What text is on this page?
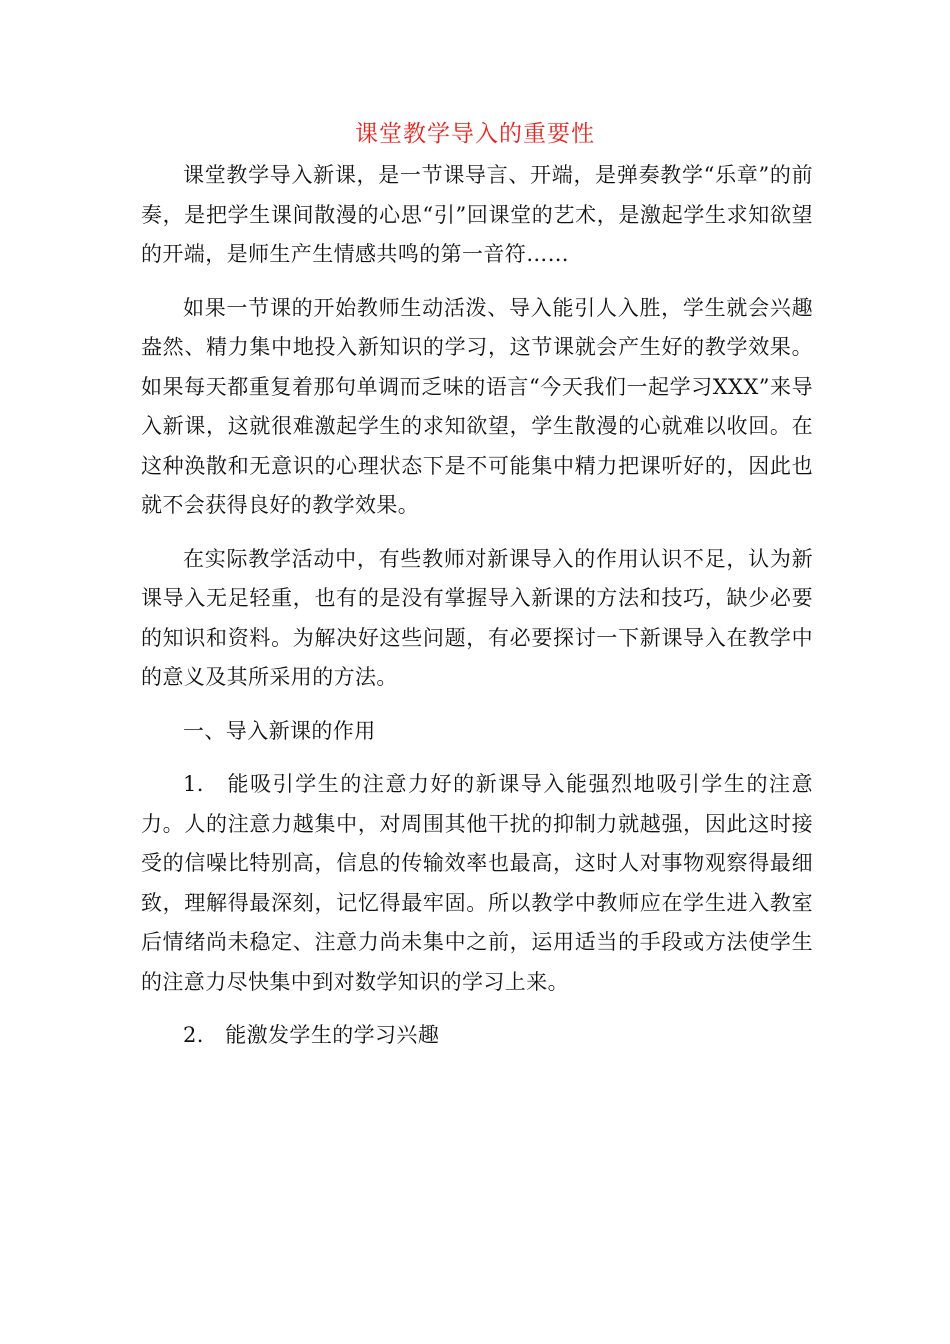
课堂教学导入的重要性

课堂教学导入新课，是一节课导言、开端，是弹奏教学“乐章”的前奏，是把学生课间散漫的心思“引”回课堂的艺术，是激起学生求知欲望的开端，是师生产生情感共鸣的第一音符……

如果一节课的开始教师生动活泼、导入能引人入胜，学生就会兴趣盎然、精力集中地投入新知识的学习，这节课就会产生好的教学效果。如果每天都重复着那句单调而乏味的语言“今天我们一起学习XXX”来导入新课，这就很难激起学生的求知欲望，学生散漫的心就难以收回。在这种涣散和无意识的心理状态下是不可能集中精力把课听好的，因此也就不会获得良好的教学效果。

在实际教学活动中，有些教师对新课导入的作用认识不足，认为新课导入无足轻重，也有的是没有掌握导入新课的方法和技巧，缺少必要的知识和资料。为解决好这些问题，有必要探讨一下新课导入在教学中的意义及其所采用的方法。

一、导入新课的作用

1.　能吸引学生的注意力好的新课导入能强烈地吸引学生的注意力。人的注意力越集中，对周围其他干扰的抑制力就越强，因此这时接受的信噪比特别高，信息的传输效率也最高，这时人对事物观察得最细致，理解得最深刻，记忆得最牢固。所以教学中教师应在学生进入教室后情绪尚未稳定、注意力尚未集中之前，运用适当的手段或方法使学生的注意力尽快集中到对数学知识的学习上来。

2.　能激发学生的学习兴趣
